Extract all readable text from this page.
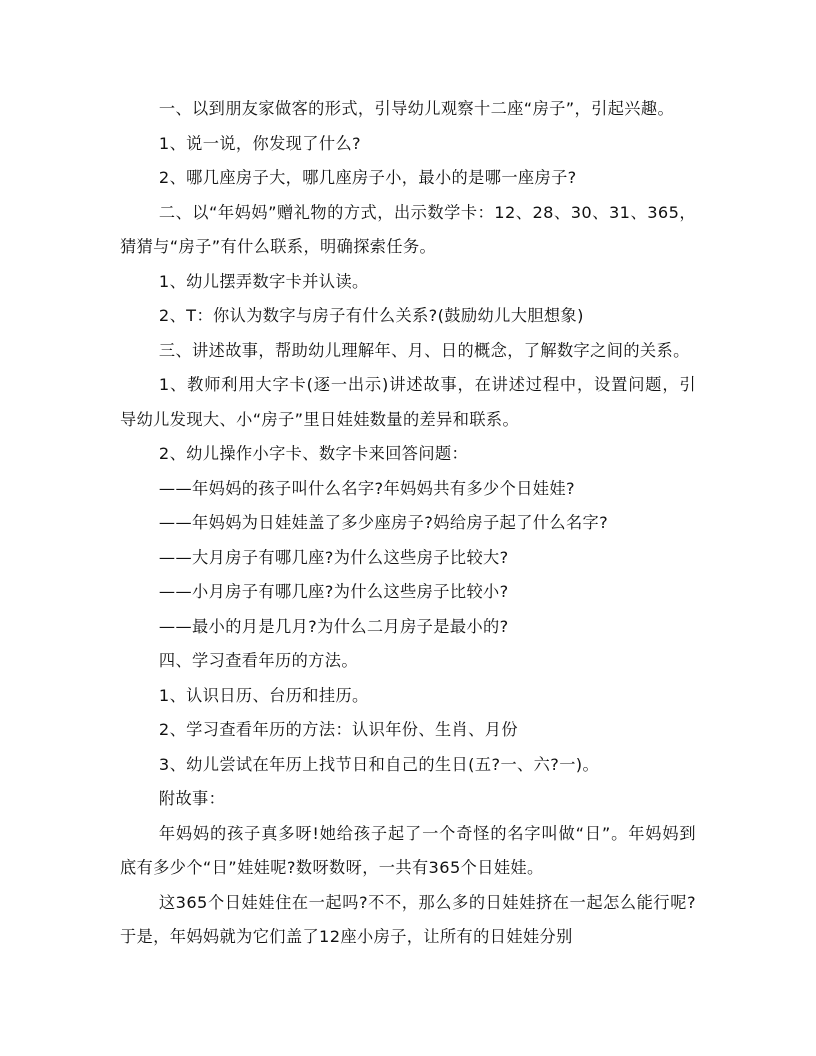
一、以到朋友家做客的形式，引导幼儿观察十二座“房子”，引起兴趣。

1、说一说，你发现了什么?

2、哪几座房子大，哪几座房子小，最小的是哪一座房子?

二、以“年妈妈”赠礼物的方式，出示数学卡：12、28、30、31、365，猜猜与“房子”有什么联系，明确探索任务。

1、幼儿摆弄数字卡并认读。

2、T：你认为数字与房子有什么关系?(鼓励幼儿大胆想象)

三、讲述故事，帮助幼儿理解年、月、日的概念，了解数字之间的关系。

1、教师利用大字卡(逐一出示)讲述故事，在讲述过程中，设置问题，引导幼儿发现大、小“房子”里日娃娃数量的差异和联系。

2、幼儿操作小字卡、数字卡来回答问题：

——年妈妈的孩子叫什么名字?年妈妈共有多少个日娃娃?

——年妈妈为日娃娃盖了多少座房子?妈给房子起了什么名字?

——大月房子有哪几座?为什么这些房子比较大?

——小月房子有哪几座?为什么这些房子比较小?

——最小的月是几月?为什么二月房子是最小的?

四、学习查看年历的方法。

1、认识日历、台历和挂历。

2、学习查看年历的方法：认识年份、生肖、月份

3、幼儿尝试在年历上找节日和自己的生日(五?一、六?一)。

附故事：

年妈妈的孩子真多呀!她给孩子起了一个奇怪的名字叫做“日”。年妈妈到底有多少个“日”娃娃呢?数呀数呀，一共有365个日娃娃。

这365个日娃娃住在一起吗?不不，那么多的日娃娃挤在一起怎么能行呢?于是，年妈妈就为它们盖了12座小房子，让所有的日娃娃分别
